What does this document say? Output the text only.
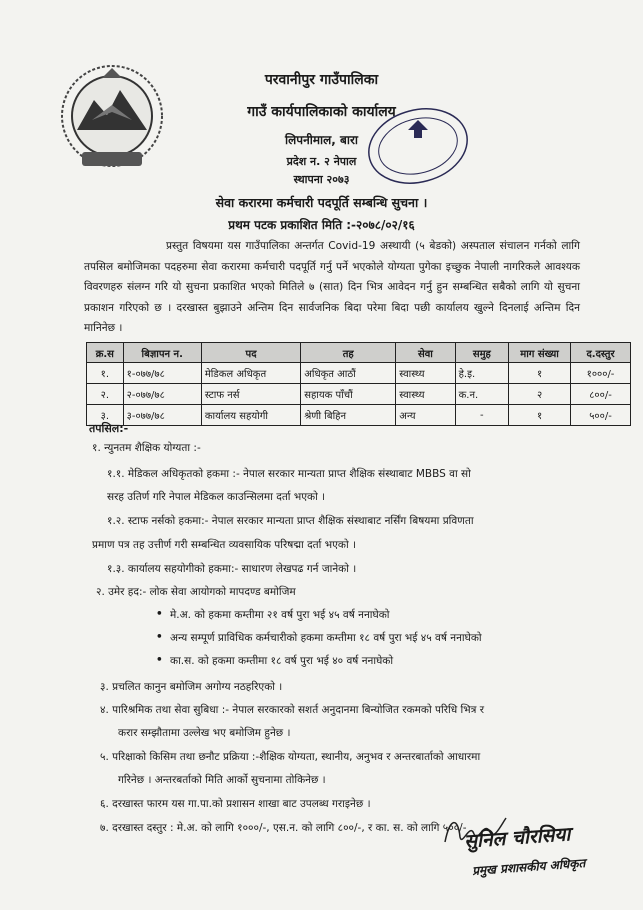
परवानीपुर गाउँपालिका
गाउँ कार्यपालिकाको कार्यालय
लिपनीमाल, बारा
प्रदेश न. २ नेपाल
स्थापना २०७३
सेवा करारमा कर्मचारी पदपूर्ति सम्बन्धि सुचना ।
प्रथम पटक प्रकाशित मिति :-२०७८/०२/१६
प्रस्तुत विषयमा यस गाउँपालिका अन्तर्गत Covid-19 अस्थायी (५ बेडको) अस्पताल संचालन गर्नको लागि तपसिल बमोजिमका पदहरुमा सेवा करारमा कर्मचारी पदपूर्ति गर्नु पर्ने भएकोले योग्यता पुगेका इच्छुक नेपाली नागरिकले आवश्यक विवरणहरु संलग्न गरि यो सुचना प्रकाशित भएको मितिले ७ (सात) दिन भित्र आवेदन गर्नु हुन सम्बन्धित सबैको लागि यो सुचना प्रकाशन गरिएको छ । दरखास्त बुझाउने अन्तिम दिन सार्वजनिक बिदा परेमा बिदा पछी कार्यालय खुल्ने दिनलाई अन्तिम दिन मानिनेछ ।
क्र.स	बिज्ञापन न.	पद	तह	सेवा	समुह	माग संख्या	द.दस्तुर
१.	१-०७७/७८	मेडिकल अधिकृत	अधिकृत आठौं	स्वास्थ्य	हे.इ.	१	१०००/-
२.	२-०७७/७८	स्टाफ नर्स	सहायक पाँचौं	स्वास्थ्य	क.न.	२	८००/-
३.	३-०७७/७८	कार्यालय सहयोगी	श्रेणी बिहिन	अन्य	-	१	५००/-
तपसिल:-
१. न्युनतम शैक्षिक योग्यता :-
१.१. मेडिकल अधिकृतको हकमा :- नेपाल सरकार मान्यता प्राप्त शैक्षिक संस्थाबाट MBBS वा सो
सरह उतिर्ण गरि नेपाल मेडिकल काउन्सिलमा दर्ता भएको ।
१.२. स्टाफ नर्सको हकमा:- नेपाल सरकार मान्यता प्राप्त शैक्षिक संस्थाबाट नर्सिंग बिषयमा प्रविणता
प्रमाण पत्र तह उत्तीर्ण गरी सम्बन्धित व्यवसायिक परिषद्मा दर्ता भएको ।
१.३. कार्यालय सहयोगीको हकमा:- साधारण लेखपढ गर्न जानेको ।
२. उमेर हद:- लोक सेवा आयोगको मापदण्ड बमोजिम
• मे.अ. को हकमा कम्तीमा २१ वर्ष पुरा भई ४५ वर्ष ननाघेको
• अन्य सम्पूर्ण प्राविधिक कर्मचारीको हकमा कम्तीमा १८ वर्ष पुरा भई ४५ वर्ष ननाघेको
• का.स. को हकमा कम्तीमा १८ वर्ष पुरा भई ४० वर्ष ननाघेको
३. प्रचलित कानुन बमोजिम अगोग्य नठहरिएको ।
४. पारिश्रमिक तथा सेवा सुबिधा :- नेपाल सरकारको सशर्त अनुदानमा बिन्योजित रकमको परिधि भित्र र
करार सम्झौतामा उल्लेख भए बमोजिम हुनेछ ।
५. परिक्षाको किसिम तथा छनौट प्रक्रिया :-शैक्षिक योग्यता, स्थानीय, अनुभव र अन्तरबार्ताको आधारमा
गरिनेछ । अन्तरबर्ताको मिति आर्को सुचनामा तोकिनेछ ।
६. दरखास्त फारम यस गा.पा.को प्रशासन शाखा बाट उपलब्ध गराइनेछ ।
७. दरखास्त दस्तुर : मे.अ. को लागि १०००/-, एस.न. को लागि ८००/-, र का. स. को लागि ५००/-
सुनिल चौरसिया
प्रमुख प्रशासकीय अधिकृत
